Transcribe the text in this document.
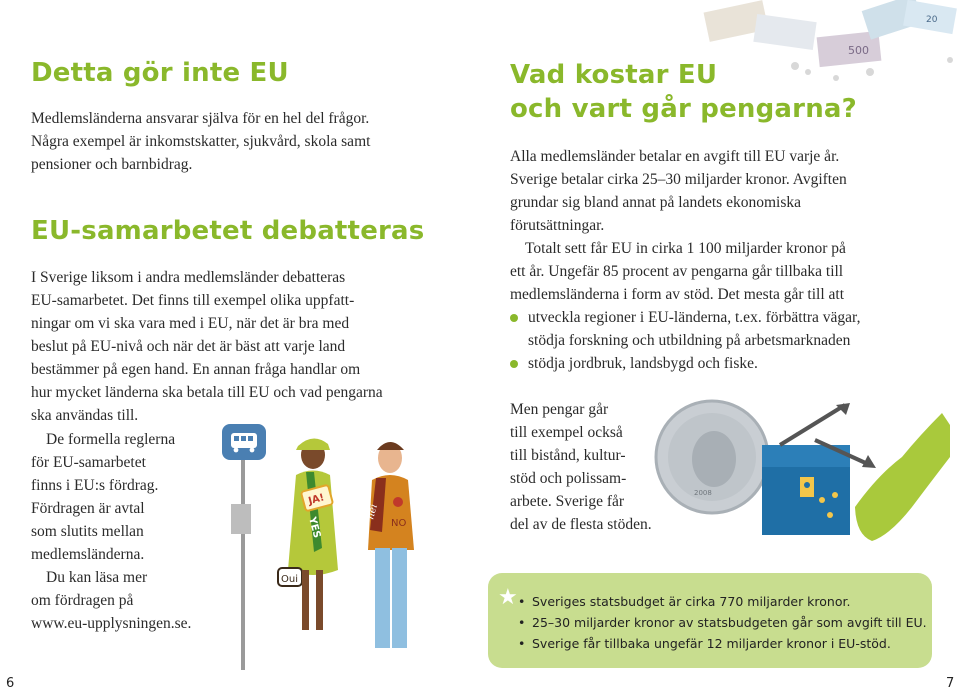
Detta gör inte EU
Medlemsländerna ansvarar själva för en hel del frågor.
Några exempel är inkomstskatter, sjukvård, skola samt
pensioner och barnbidrag.
EU-samarbetet debatteras
I Sverige liksom i andra medlemsländer debatteras
EU-samarbetet. Det finns till exempel olika uppfatt-
ningar om vi ska vara med i EU, när det är bra med
beslut på EU-nivå och när det är bäst att varje land
bestämmer på egen hand. En annan fråga handlar om
hur mycket länderna ska betala till EU och vad pengarna
ska användas till.
De formella reglerna
för EU-samarbetet
finns i EU:s fördrag.
Fördragen är avtal
som slutits mellan
medlemsländerna.
Du kan läsa mer
om fördragen på
www.eu-upplysningen.se.
YES
JA!
Oui
nei
NO
6
500
20
Vad kostar EU
och vart går pengarna?
Alla medlemsländer betalar en avgift till EU varje år.
Sverige betalar cirka 25–30 miljarder kronor. Avgiften
grundar sig bland annat på landets ekonomiska
förutsättningar.
Totalt sett får EU in cirka 1 100 miljarder kronor på
ett år. Ungefär 85 procent av pengarna går tillbaka till
medlemsländerna i form av stöd. Det mesta går till att
utveckla regioner i EU-länderna, t.ex. förbättra vägar,
stödja forskning och utbildning på arbetsmarknaden
stödja jordbruk, landsbygd och fiske.
Men pengar går
till exempel också
till bistånd, kultur-
stöd och polissam-
arbete. Sverige får
del av de flesta stöden.
2008
★
•	Sveriges statsbudget är cirka 770 miljarder kronor.
• 25–30 miljarder kronor av statsbudgeten går som avgift till EU.
• Sverige får tillbaka ungefär 12 miljarder kronor i EU-stöd.
7
